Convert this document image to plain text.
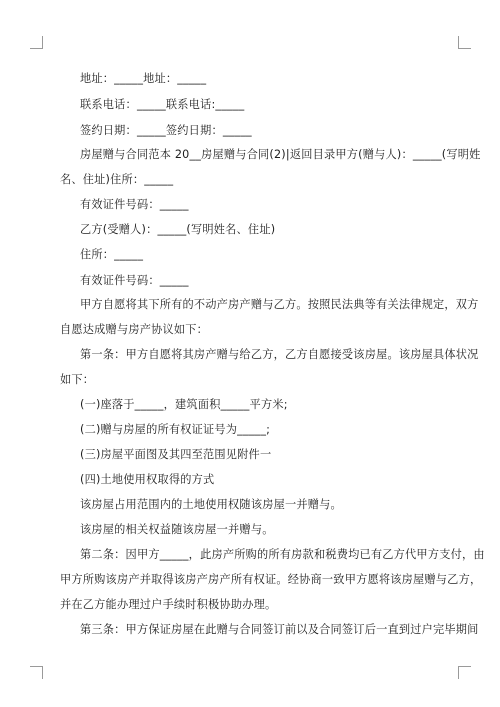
地址：_____地址：_____
联系电话：_____联系电话:_____
签约日期：_____签约日期：_____
房屋赠与合同范本 20__房屋赠与合同(2)|返回目录甲方(赠与人)：_____(写明姓
名、住址)住所：_____
有效证件号码：_____
乙方(受赠人)：_____(写明姓名、住址)
住所：_____
有效证件号码：_____
甲方自愿将其下所有的不动产房产赠与乙方。按照民法典等有关法律规定，双方
自愿达成赠与房产协议如下：
第一条：甲方自愿将其房产赠与给乙方，乙方自愿接受该房屋。该房屋具体状况
如下：
(一)座落于_____，建筑面积_____平方米;
(二)赠与房屋的所有权证证号为_____;
(三)房屋平面图及其四至范围见附件一
(四)土地使用权取得的方式
该房屋占用范围内的土地使用权随该房屋一并赠与。
该房屋的相关权益随该房屋一并赠与。
第二条：因甲方_____，此房产所购的所有房款和税费均已有乙方代甲方支付，由
甲方所购该房产并取得该房产房产所有权证。经协商一致甲方愿将该房屋赠与乙方，
并在乙方能办理过户手续时积极协助办理。
第三条：甲方保证房屋在此赠与合同签订前以及合同签订后一直到过户完毕期间
